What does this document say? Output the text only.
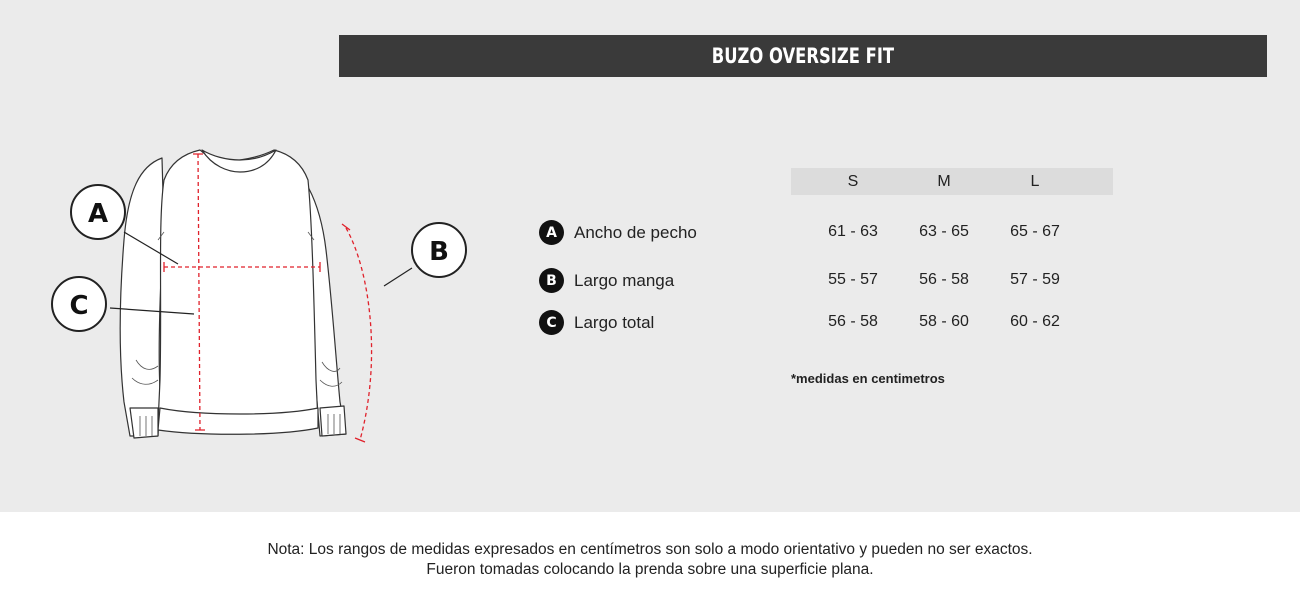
BUZO OVERSIZE FIT
A
C
B
S	M	L
A	Ancho de pecho	61 - 63	63 - 65	65 - 67
B	Largo manga	55 - 57	56 - 58	57 - 59
C	Largo total	56 - 58	58 - 60	60 - 62
*medidas en centimetros
Nota: Los rangos de medidas expresados en centímetros son solo a modo orientativo y pueden no ser exactos.
Fueron tomadas colocando la prenda sobre una superficie plana.
